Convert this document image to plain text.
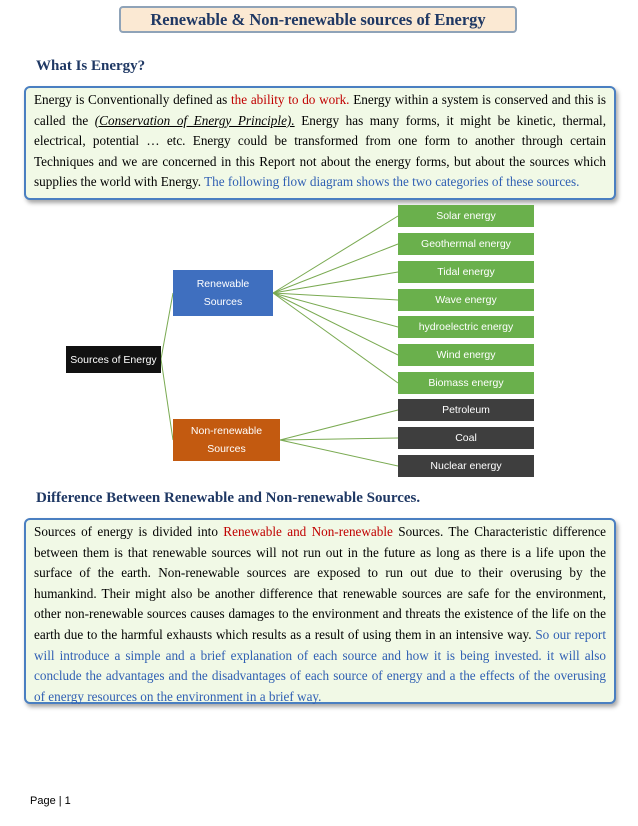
Renewable & Non-renewable sources of Energy
What Is Energy?

Energy is Conventionally defined as the ability to do work. Energy within a system is conserved and this is called the (Conservation of Energy Principle). Energy has many forms, it might be kinetic, thermal, electrical, potential … etc. Energy could be transformed from one form to another through certain Techniques and we are concerned in this Report not about the energy forms, but about the sources which supplies the world with Energy. The following flow diagram shows the two categories of these sources.

Sources of Energy
Renewable
Sources
Non-renewable
Sources
Solar energy
Geothermal energy
Tidal energy
Wave energy
hydroelectric energy
Wind energy
Biomass energy
Petroleum
Coal
Nuclear energy
Difference Between Renewable and Non-renewable Sources.

Sources of energy is divided into Renewable and Non-renewable Sources. The Characteristic difference between them is that renewable sources will not run out in the future as long as there is a life upon the surface of the earth. Non-renewable sources are exposed to run out due to their overusing by the humankind. Their might also be another difference that renewable sources are safe for the environment, other non-renewable sources causes damages to the environment and threats the existence of the life on the earth due to the harmful exhausts which results as a result of using them in an intensive way. So our report will introduce a simple and a brief explanation of each source and how it is being invested. it will also conclude the advantages and the disadvantages of each source of energy and a the effects of the overusing of energy resources on the environment in a brief way.

Page | 1
